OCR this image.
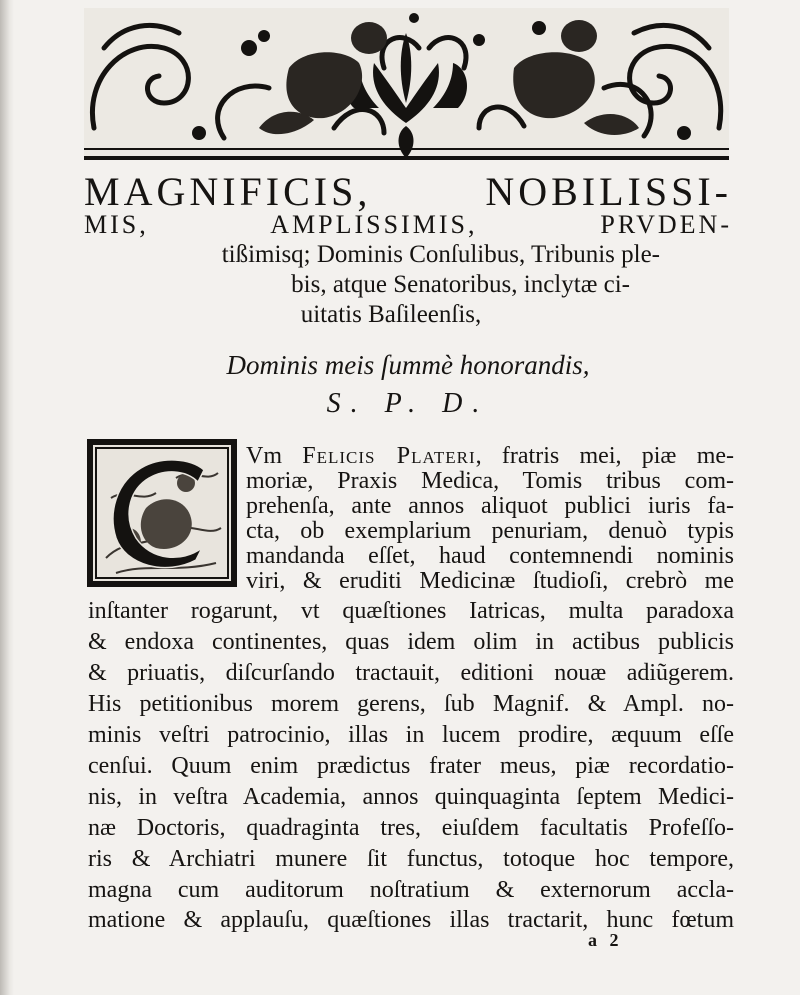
MAGNIFICIS, NOBILISSI-
MIS, AMPLISSIMIS, PRVDEN-
tißimisq; Dominis Conſulibus, Tribunis ple-
bis, atque Senatoribus, inclytæ ci-
uitatis Baſileenſis,
Dominis meis ſummè honorandis,
S. P. D.
Vm Felicis Plateri, fratris mei, piæ me-
moriæ, Praxis Medica, Tomis tribus com-
prehenſa, ante annos aliquot publici iuris fa-
cta, ob exemplarium penuriam, denuò typis
mandanda eſſet, haud contemnendi nominis
viri, & eruditi Medicinæ ſtudioſi, crebrò me
inſtanter rogarunt, vt quæſtiones Iatricas, multa paradoxa
& endoxa continentes, quas idem olim in actibus publicis
& priuatis, diſcurſando tractauit, editioni nouæ adiũgerem.
His petitionibus morem gerens, ſub Magnif. & Ampl. no-
minis veſtri patrocinio, illas in lucem prodire, æquum eſſe
cenſui. Quum enim prædictus frater meus, piæ recordatio-
nis, in veſtra Academia, annos quinquaginta ſeptem Medici-
næ Doctoris, quadraginta tres, eiuſdem facultatis Profeſſo-
ris & Archiatri munere ſit functus, totoque hoc tempore,
magna cum auditorum noſtratium & externorum accla-
matione & applauſu, quæſtiones illas tractarit, hunc fœtum
a 2
